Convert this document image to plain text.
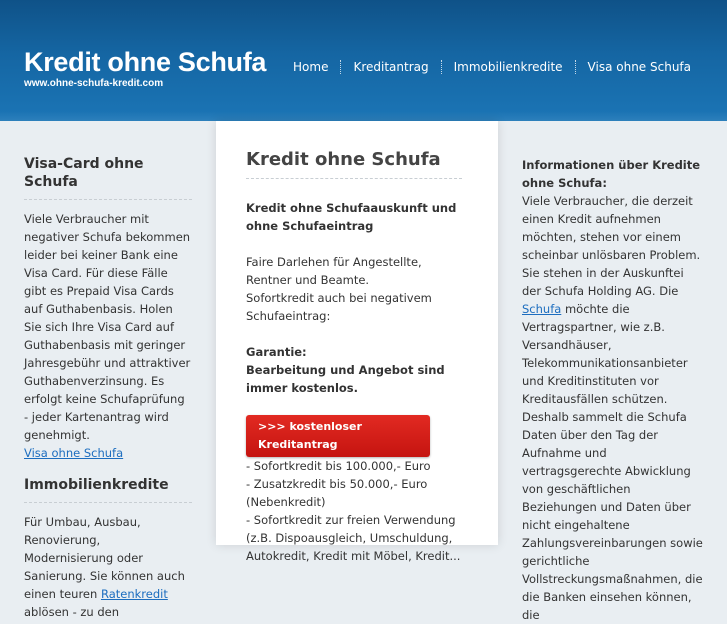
Kredit ohne Schufa
www.ohne-schufa-kredit.com
Home	Kreditantrag	Immobilienkredite	Visa ohne Schufa
Visa-Card ohne Schufa

Viele Verbraucher mit negativer Schufa bekommen leider bei keiner Bank eine Visa Card. Für diese Fälle gibt es Prepaid Visa Cards auf Guthabenbasis. Holen Sie sich Ihre Visa Card auf Guthabenbasis mit geringer Jahresgebühr und attraktiver Guthabenverzinsung. Es erfolgt keine Schufaprüfung - jeder Kartenantrag wird genehmigt.

Visa ohne Schufa

Immobilienkredite

Für Umbau, Ausbau, Renovierung, Modernisierung oder Sanierung. Sie können auch einen teuren Ratenkredit ablösen - zu den

Kredit ohne Schufa

Kredit ohne Schufaauskunft und ohne Schufaeintrag

Faire Darlehen für Angestellte, Rentner und Beamte.

Sofortkredit auch bei negativem Schufaeintrag:

Garantie:

Bearbeitung und Angebot sind immer kostenlos.

>>> kostenloser Kreditantrag

- Sofortkredit bis 100.000,- Euro

- Zusatzkredit bis 50.000,- Euro (Nebenkredit)

- Sofortkredit zur freien Verwendung (z.B. Dispoausgleich, Umschuldung,

Autokredit, Kredit mit Möbel, Kredit...

Informationen über Kredite ohne Schufa:

Viele Verbraucher, die derzeit einen Kredit aufnehmen möchten, stehen vor einem scheinbar unlösbaren Problem. Sie stehen in der Auskunftei der Schufa Holding AG. Die Schufa möchte die Vertragspartner, wie z.B. Versandhäuser, Telekommunikationsanbieter und Kreditinstituten vor Kreditausfällen schützen. Deshalb sammelt die Schufa Daten über den Tag der Aufnahme und vertragsgerechte Abwicklung von geschäftlichen Beziehungen und Daten über nicht eingehaltene Zahlungsvereinbarungen sowie gerichtliche Vollstreckungsmaßnahmen, die die Banken einsehen können, die
